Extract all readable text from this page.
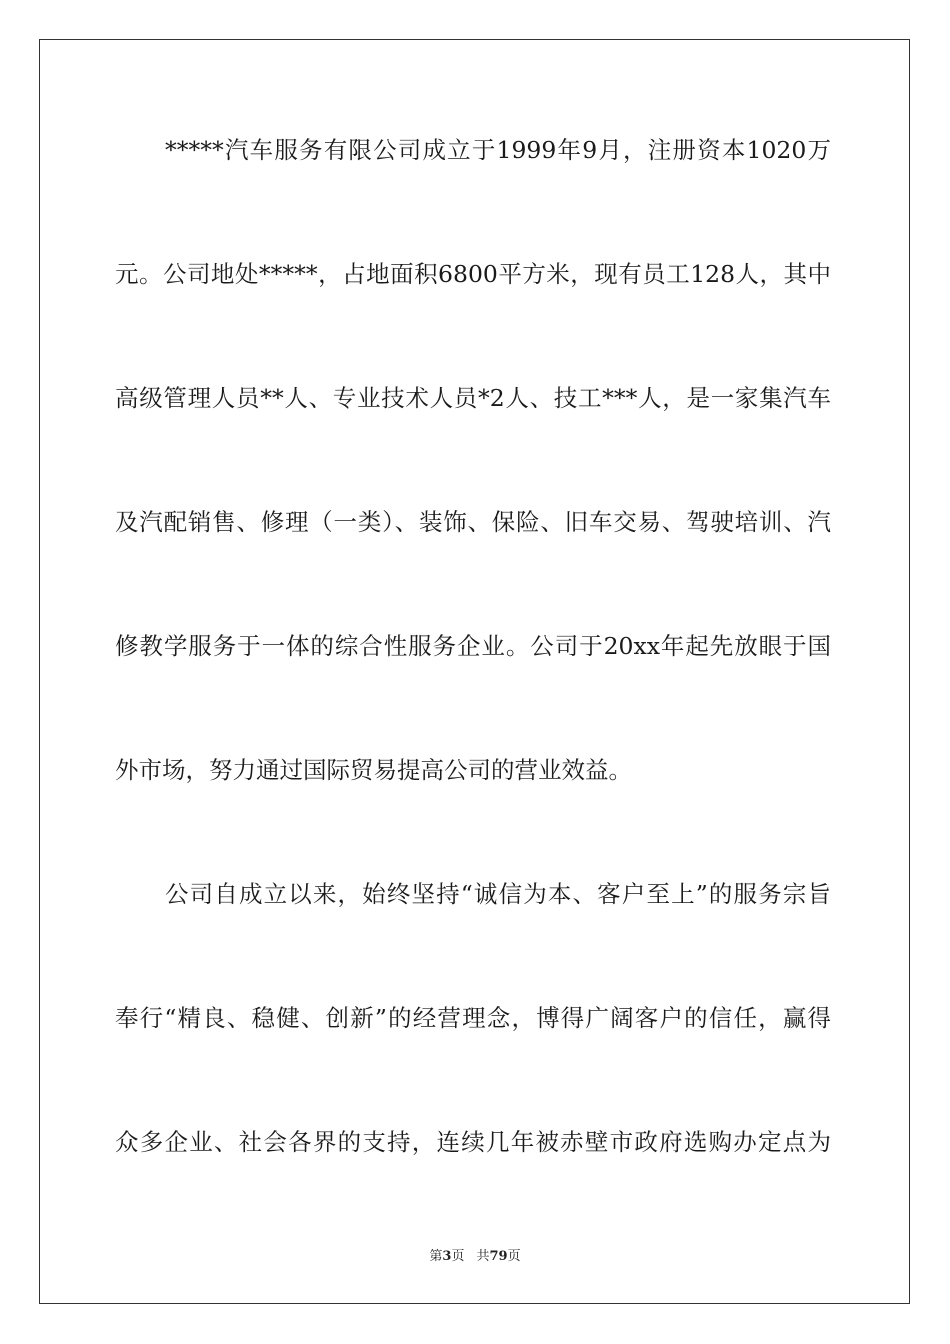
*****汽车服务有限公司成立于1999年9月，注册资本1020万
元。公司地处*****，占地面积6800平方米，现有员工128人，其中
高级管理人员**人、专业技术人员*2人、技工***人，是一家集汽车
及汽配销售、修理（一类）、装饰、保险、旧车交易、驾驶培训、汽
修教学服务于一体的综合性服务企业。公司于20xx年起先放眼于国
外市场，努力通过国际贸易提高公司的营业效益。
公司自成立以来，始终坚持“诚信为本、客户至上”的服务宗旨
奉行“精良、稳健、创新”的经营理念，博得广阔客户的信任，赢得
众多企业、社会各界的支持，连续几年被赤壁市政府选购办定点为
第3页 共79页
